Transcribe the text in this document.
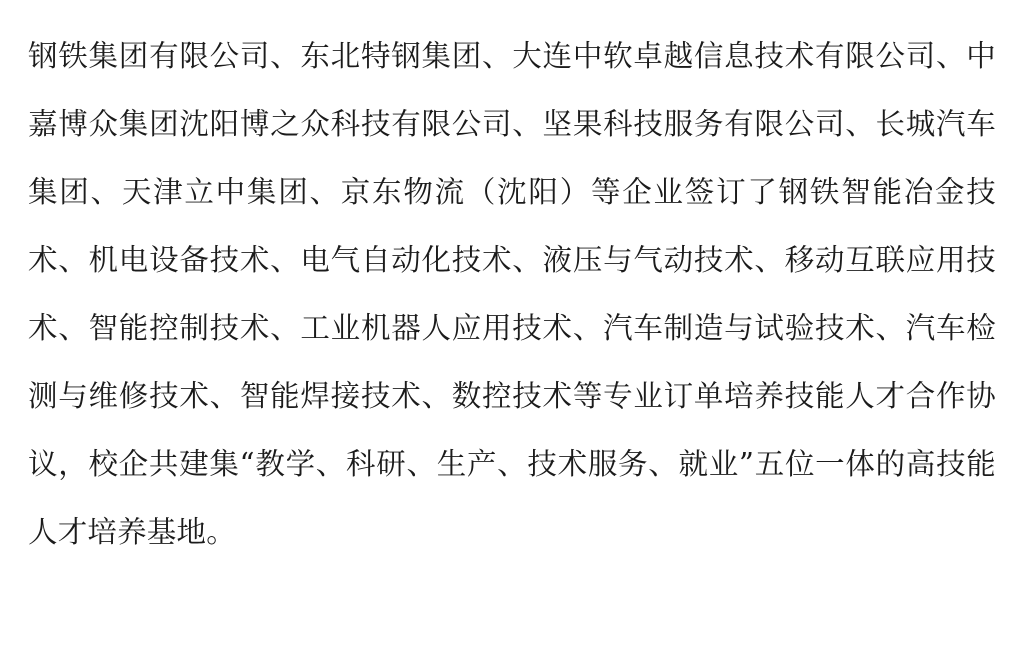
钢铁集团有限公司、东北特钢集团、大连中软卓越信息技术有限公司、中嘉博众集团沈阳博之众科技有限公司、坚果科技服务有限公司、长城汽车集团、天津立中集团、京东物流（沈阳）等企业签订了钢铁智能冶金技术、机电设备技术、电气自动化技术、液压与气动技术、移动互联应用技术、智能控制技术、工业机器人应用技术、汽车制造与试验技术、汽车检测与维修技术、智能焊接技术、数控技术等专业订单培养技能人才合作协议，校企共建集“教学、科研、生产、技术服务、就业”五位一体的高技能人才培养基地。
